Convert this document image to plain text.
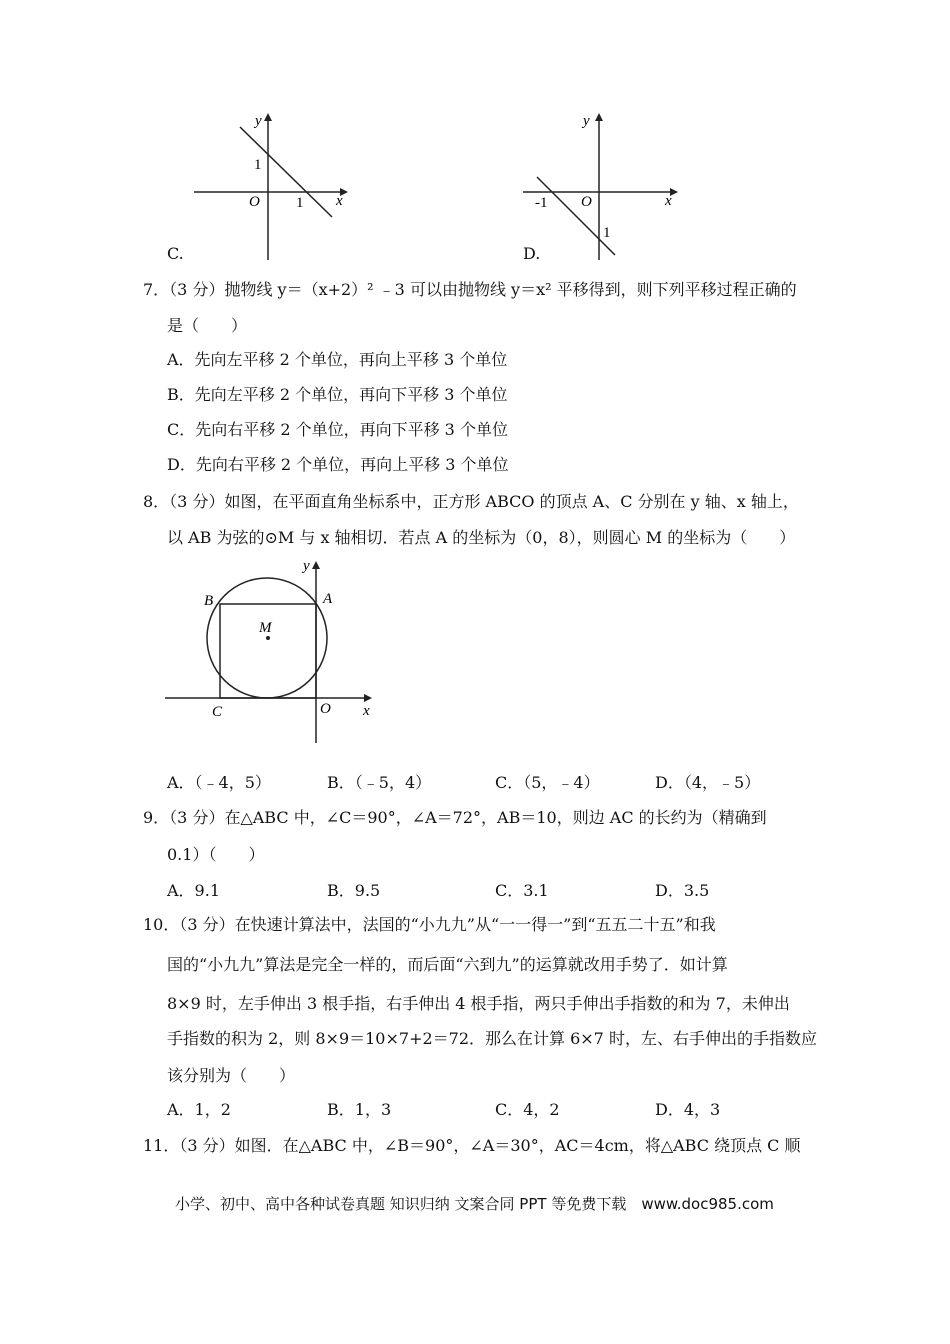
y
x
O
1
1
C.
y
x
O
-1
1
D.
7．（3 分）抛物线 y＝（x+2）² ﹣3 可以由抛物线 y＝x² 平移得到，则下列平移过程正确的
是（　　）
A．先向左平移 2 个单位，再向上平移 3 个单位
B．先向左平移 2 个单位，再向下平移 3 个单位
C．先向右平移 2 个单位，再向下平移 3 个单位
D．先向右平移 2 个单位，再向上平移 3 个单位
8．（3 分）如图，在平面直角坐标系中，正方形 ABCO 的顶点 A、C 分别在 y 轴、x 轴上，
以 AB 为弦的⊙M 与 x 轴相切．若点 A 的坐标为（0，8），则圆心 M 的坐标为（　　）
B	A
M
C	O x
y
A．（﹣4，5）	B．（﹣5，4）	C．（5，﹣4）	D．（4，﹣5）
9．（3 分）在△ABC 中，∠C＝90°，∠A＝72°，AB＝10，则边 AC 的长约为（精确到
0.1）（　　）
A．9.1	B．9.5	C．3.1	D．3.5
10．（3 分）在快速计算法中，法国的“小九九”从“一一得一”到“五五二十五”和我
国的“小九九”算法是完全一样的，而后面“六到九”的运算就改用手势了．如计算
8×9 时，左手伸出 3 根手指，右手伸出 4 根手指，两只手伸出手指数的和为 7，未伸出
手指数的积为 2，则 8×9＝10×7+2＝72．那么在计算 6×7 时，左、右手伸出的手指数应
该分别为（　　）
A．1，2	B．1，3	C．4，2	D．4，3
11．（3 分）如图．在△ABC 中，∠B＝90°，∠A＝30°，AC＝4cm，将△ABC 绕顶点 C 顺
小学、初中、高中各种试卷真题 知识归纳 文案合同 PPT 等免费下载　www.doc985.com
